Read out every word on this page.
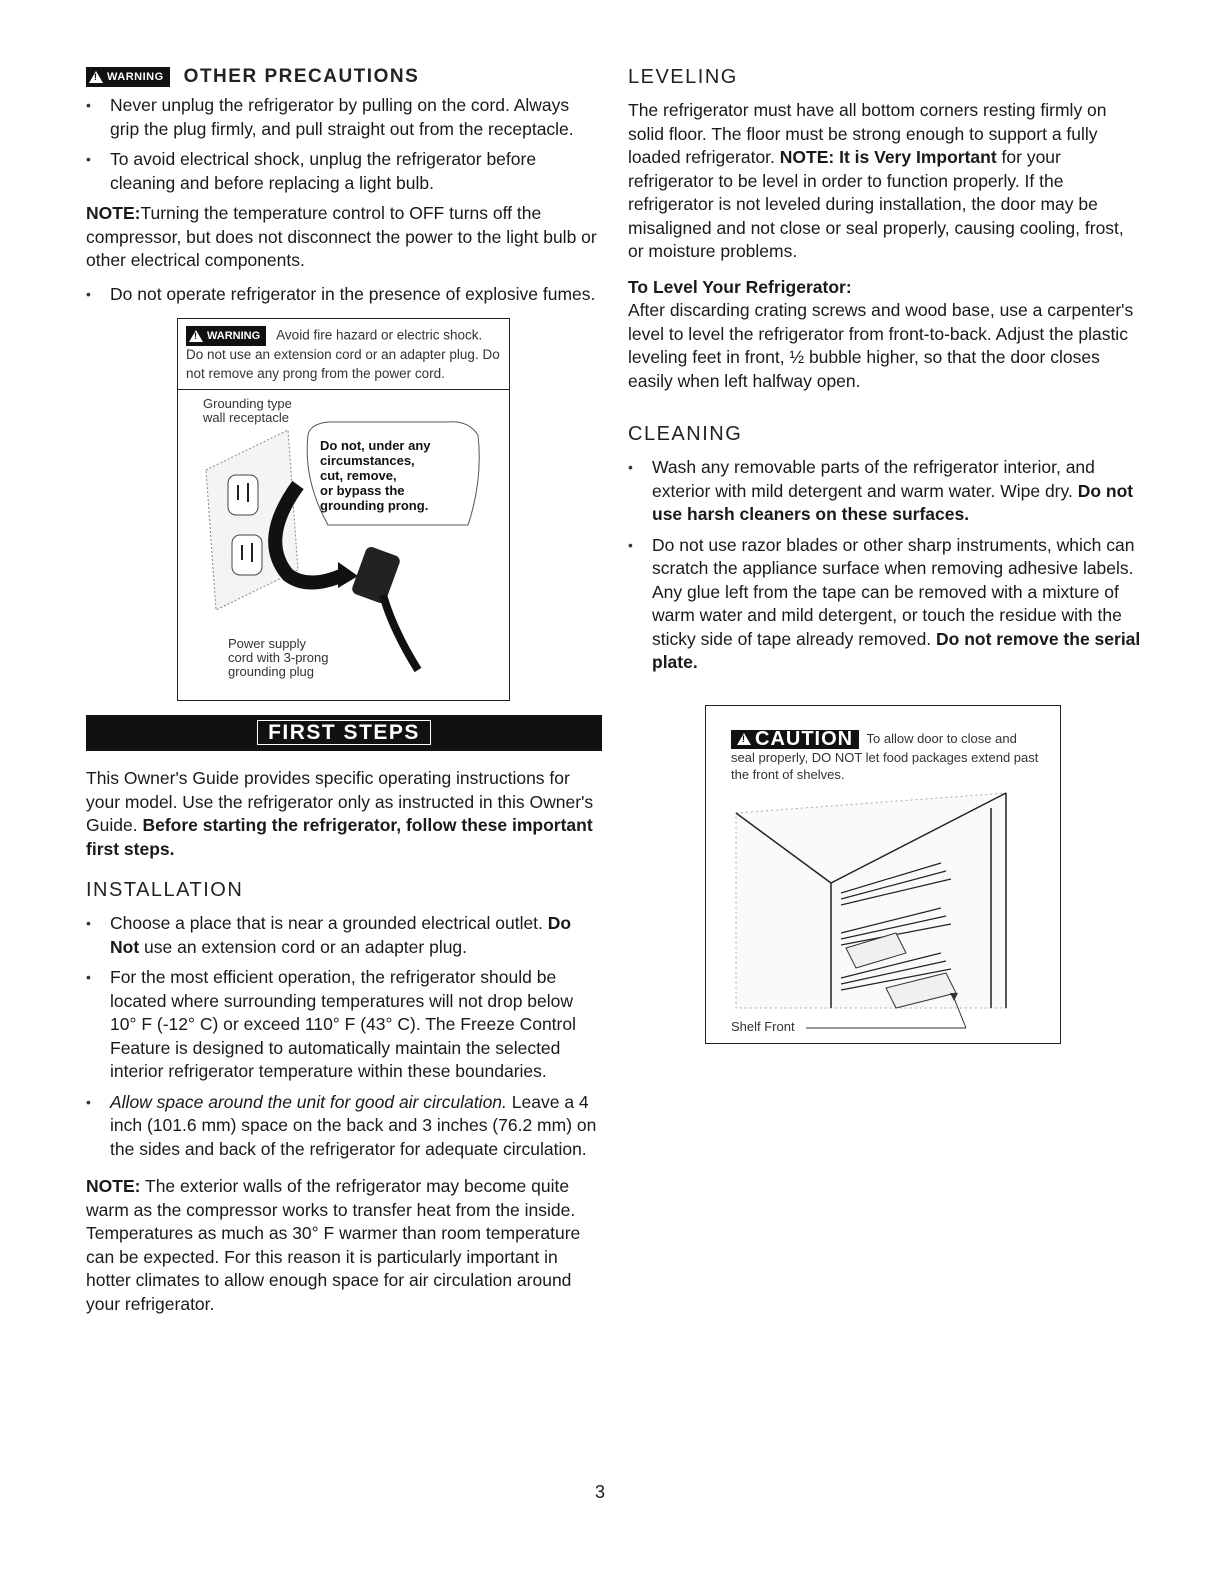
! WARNING OTHER PRECAUTIONS
• Never unplug the refrigerator by pulling on the cord. Always grip the plug firmly, and pull straight out from the receptacle.
• To avoid electrical shock, unplug the refrigerator before cleaning and before replacing a light bulb.

NOTE:Turning the temperature control to OFF turns off the compressor, but does not disconnect the power to the light bulb or other electrical components.

• Do not operate refrigerator in the presence of explosive fumes.
! WARNING Avoid fire hazard or electric shock. Do not use an extension cord or an adapter plug. Do not remove any prong from the power cord.
Grounding type
wall receptacle
Do not, under any
circumstances,
cut, remove,
or bypass the
grounding prong.
Power supply
cord with 3-prong
grounding plug
FIRST STEPS

This Owner's Guide provides specific operating instructions for your model. Use the refrigerator only as instructed in this Owner's Guide. Before starting the refrigerator, follow these important first steps.

INSTALLATION
• Choose a place that is near a grounded electrical outlet. Do Not use an extension cord or an adapter plug.
• For the most efficient operation, the refrigerator should be located where surrounding temperatures will not drop below 10° F (-12° C) or exceed 110° F (43° C). The Freeze Control Feature is designed to automatically maintain the selected interior refrigerator temperature within these boundaries.
• Allow space around the unit for good air circulation. Leave a 4 inch (101.6 mm) space on the back and 3 inches (76.2 mm) on the sides and back of the refrigerator for adequate circulation.

NOTE: The exterior walls of the refrigerator may become quite warm as the compressor works to transfer heat from the inside. Temperatures as much as 30° F warmer than room temperature can be expected. For this reason it is particularly important in hotter climates to allow enough space for air circulation around your refrigerator.

LEVELING

The refrigerator must have all bottom corners resting firmly on solid floor. The floor must be strong enough to support a fully loaded refrigerator. NOTE: It is Very Important for your refrigerator to be level in order to function properly. If the refrigerator is not leveled during installation, the door may be misaligned and not close or seal properly, causing cooling, frost, or moisture problems.

To Level Your Refrigerator:

After discarding crating screws and wood base, use a carpenter's level to level the refrigerator from front-to-back. Adjust the plastic leveling feet in front, ½ bubble higher, so that the door closes easily when left halfway open.

CLEANING
• Wash any removable parts of the refrigerator interior, and exterior with mild detergent and warm water. Wipe dry. Do not use harsh cleaners on these surfaces.
• Do not use razor blades or other sharp instruments, which can scratch the appliance surface when removing adhesive labels. Any glue left from the tape can be removed with a mixture of warm water and mild detergent, or touch the residue with the sticky side of tape already removed. Do not remove the serial plate.
! CAUTION To allow door to close and seal properly, DO NOT let food packages extend past the front of shelves.
Shelf Front
3
